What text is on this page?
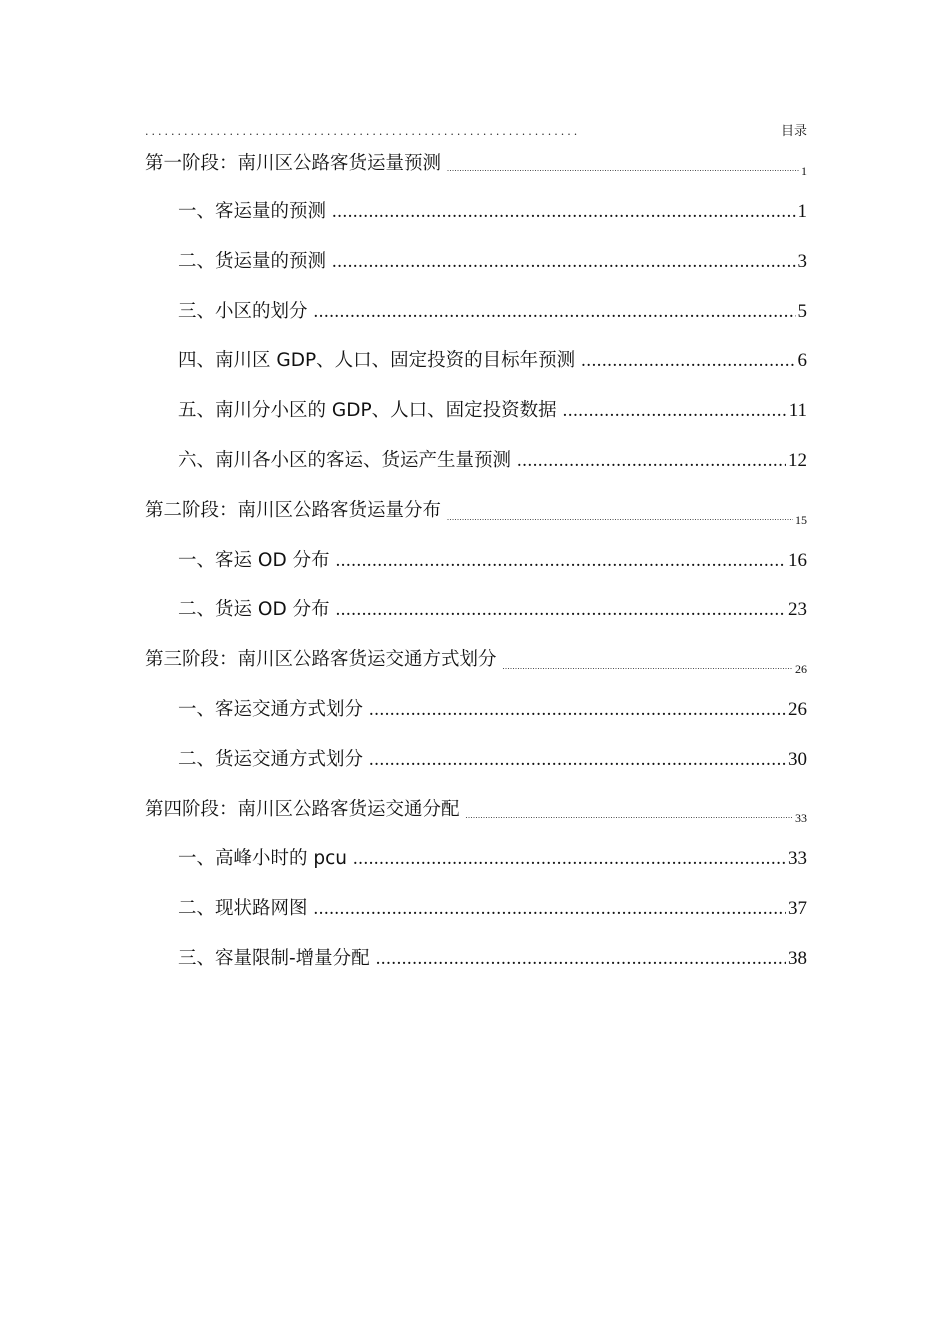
...................................................................	目录
第一阶段：南川区公路客货运量预测 .....	1
一、客运量的预测 .....	1
二、货运量的预测 .....	3
三、小区的划分 .....	5
四、南川区 GDP、人口、固定投资的目标年预测 .....	6
五、南川分小区的 GDP、人口、固定投资数据 .....	11
六、南川各小区的客运、货运产生量预测 .....	12
第二阶段：南川区公路客货运量分布 .....	15
一、客运 OD 分布 .....	16
二、货运 OD 分布 .....	23
第三阶段：南川区公路客货运交通方式划分 .....	26
一、客运交通方式划分 .....	26
二、货运交通方式划分 .....	30
第四阶段：南川区公路客货运交通分配 .....	33
一、高峰小时的 pcu .....	33
二、现状路网图 .....	37
三、容量限制-增量分配 .....	38
